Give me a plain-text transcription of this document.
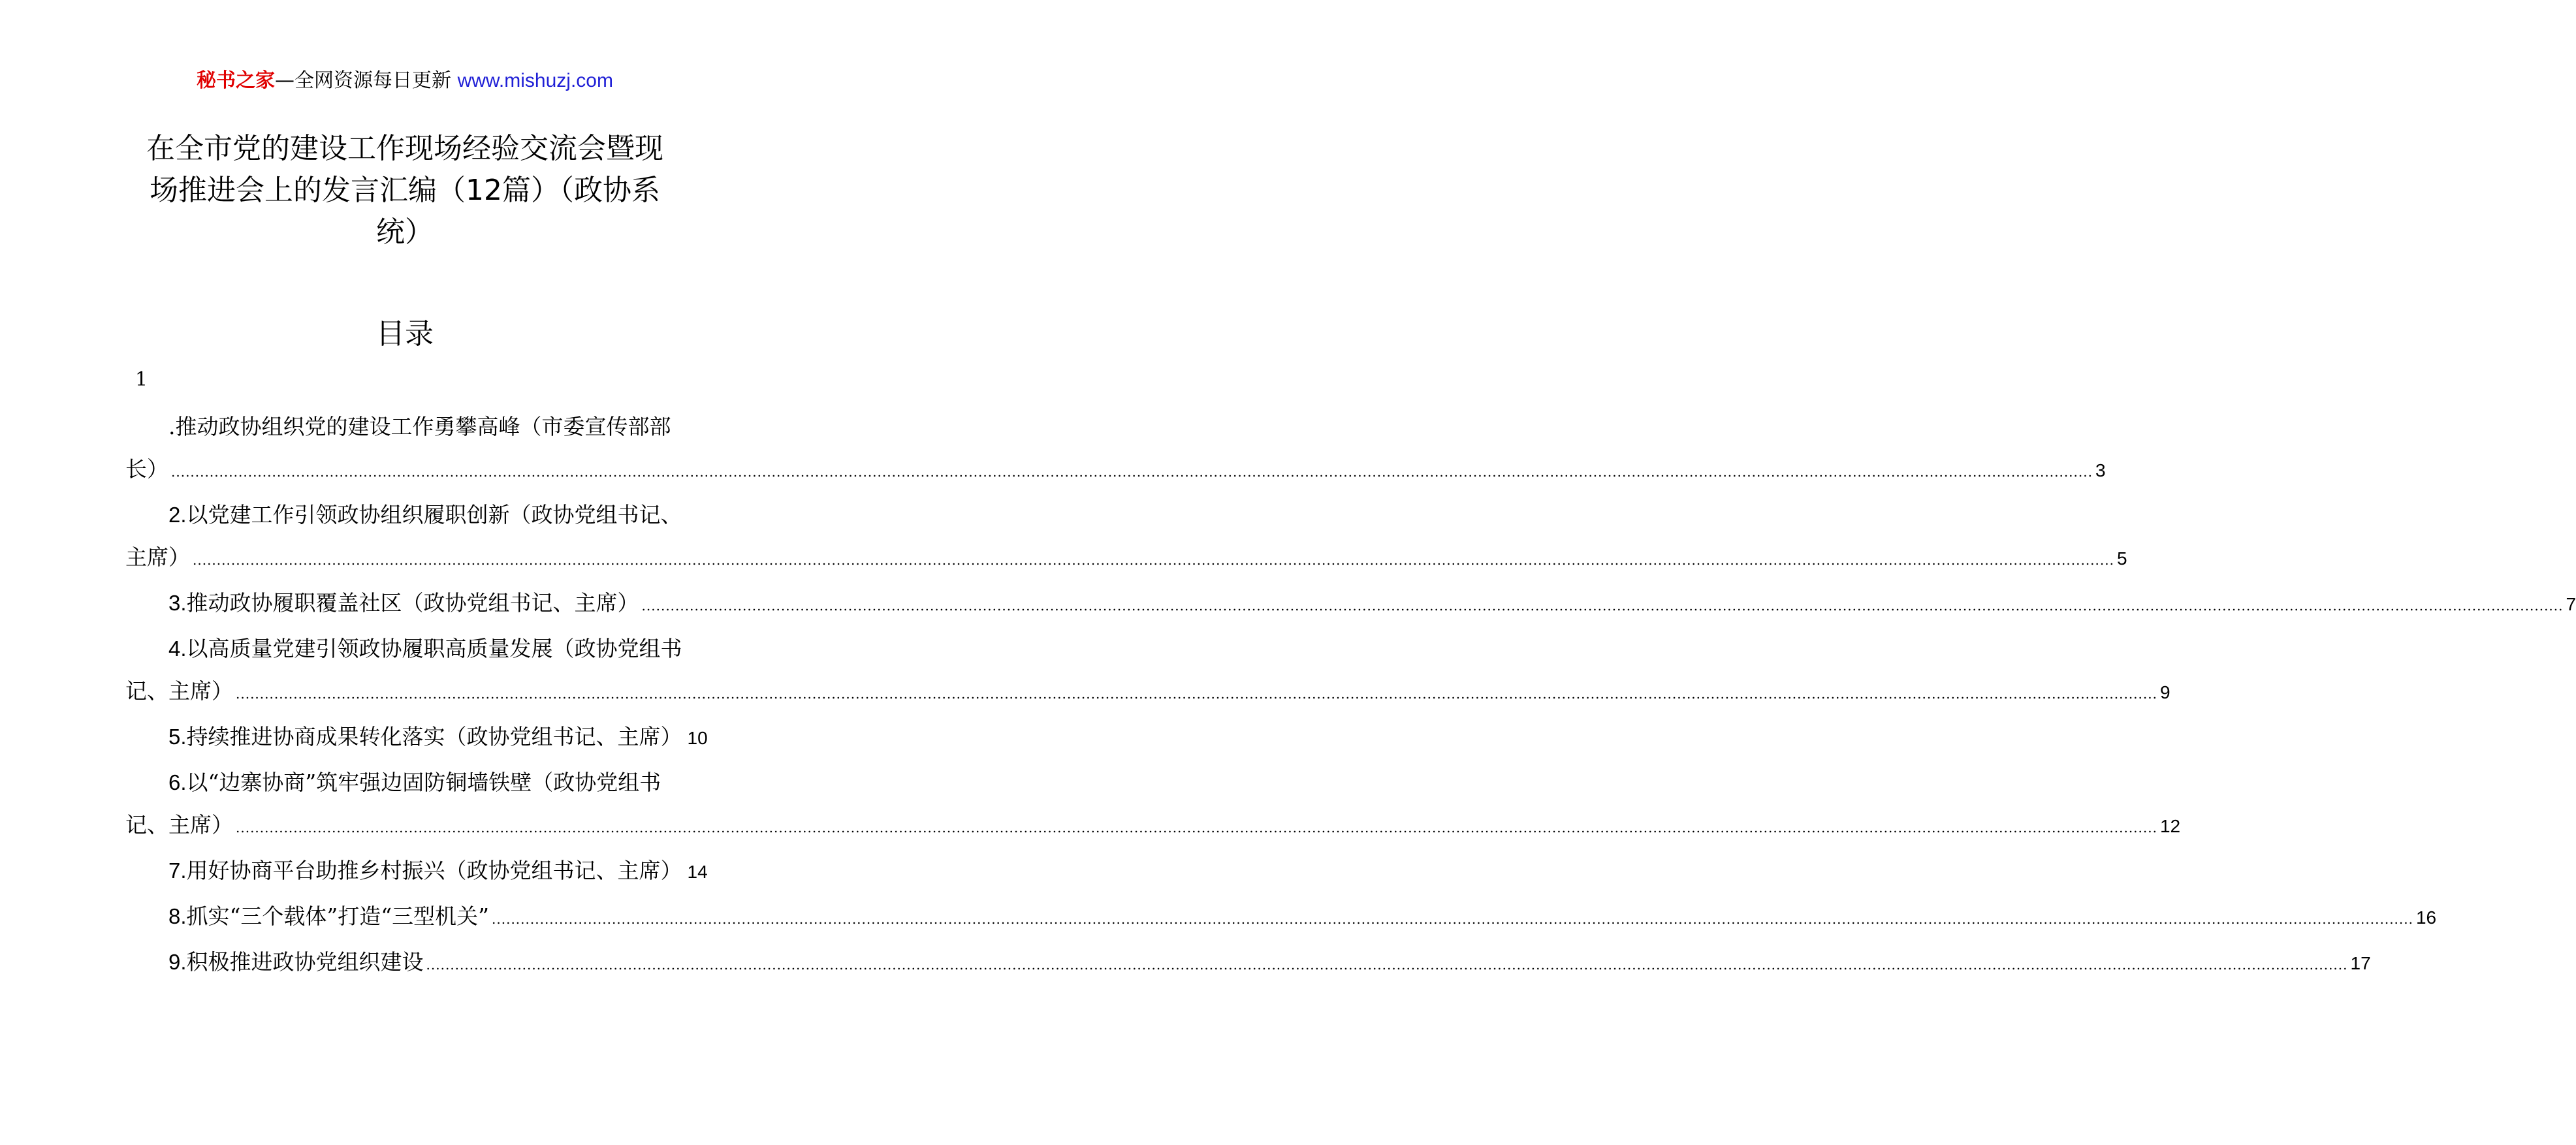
秘书之家—全网资源每日更新 www.mishuzj.com
在全市党的建设工作现场经验交流会暨现
场推进会上的发言汇编（12篇）（政协系
统）
目录
1
.推动政协组织党的建设工作勇攀高峰（市委宣传部部
长） ................................................................................................................................................................................................................................................................................................................................................................................................................ 3
2.以党建工作引领政协组织履职创新（政协党组书记、
主席） ................................................................................................................................................................................................................................................................................................................................................................................................................ 5
3. 推动政协履职覆盖社区（政协党组书记、主席） ................................................................................................................................................................................................................................................................................................................................................................................................................ 7
4.以高质量党建引领政协履职高质量发展（政协党组书
记、主席） ................................................................................................................................................................................................................................................................................................................................................................................................................ 9
5. 持续推进协商成果转化落实（政协党组书记、主席） 10
6.以“边寨协商”筑牢强边固防铜墙铁壁（政协党组书
记、主席） ................................................................................................................................................................................................................................................................................................................................................................................................................ 12
7. 用好协商平台助推乡村振兴（政协党组书记、主席） 14
8. 抓实“三个载体”打造“三型机关” ................................................................................................................................................................................................................................................................................................................................................................................................................ 16
9. 积极推进政协党组织建设 ................................................................................................................................................................................................................................................................................................................................................................................................................ 17
